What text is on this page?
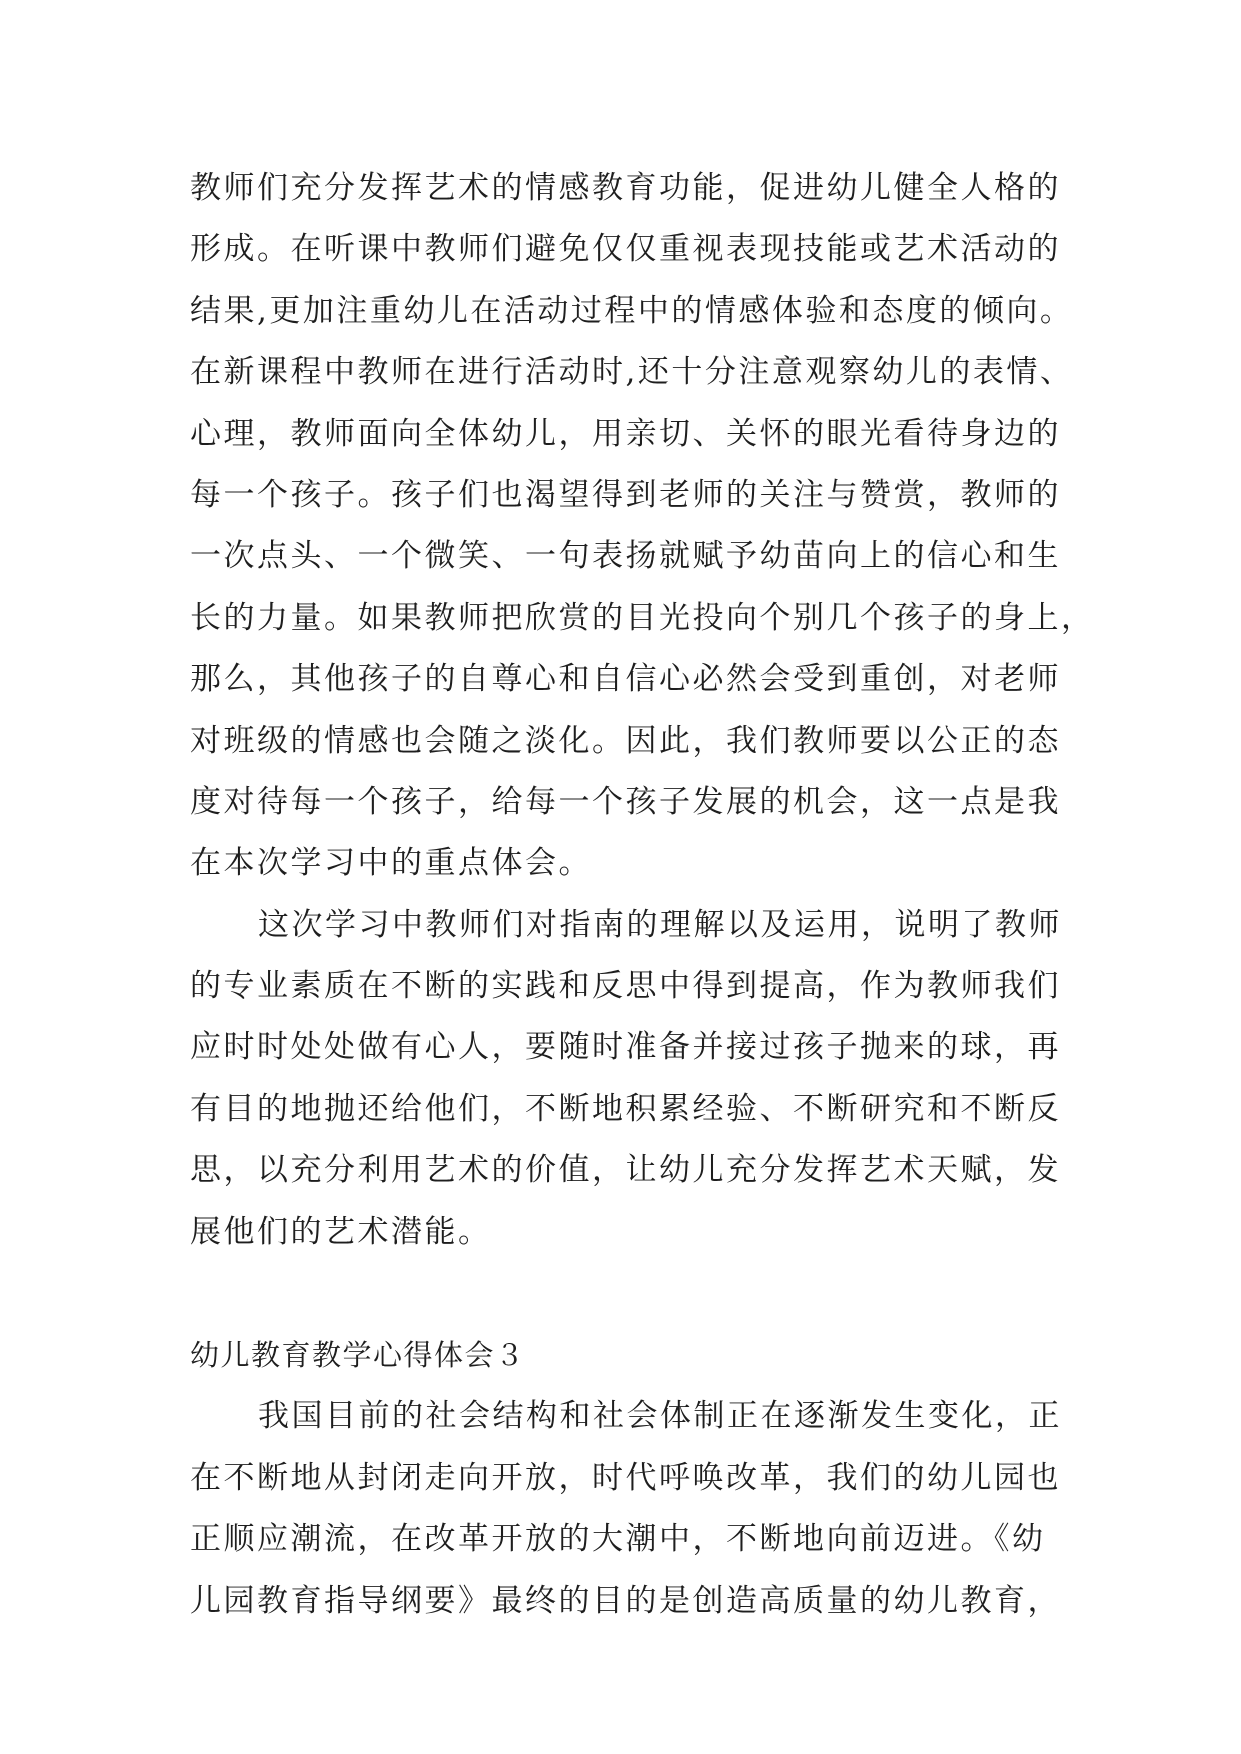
教师们充分发挥艺术的情感教育功能，促进幼儿健全人格的
形成。在听课中教师们避免仅仅重视表现技能或艺术活动的
结果,更加注重幼儿在活动过程中的情感体验和态度的倾向。
在新课程中教师在进行活动时,还十分注意观察幼儿的表情、
心理，教师面向全体幼儿，用亲切、关怀的眼光看待身边的
每一个孩子。孩子们也渴望得到老师的关注与赞赏，教师的
一次点头、一个微笑、一句表扬就赋予幼苗向上的信心和生
长的力量。如果教师把欣赏的目光投向个别几个孩子的身上，
那么，其他孩子的自尊心和自信心必然会受到重创，对老师
对班级的情感也会随之淡化。因此，我们教师要以公正的态
度对待每一个孩子，给每一个孩子发展的机会，这一点是我
在本次学习中的重点体会。
这次学习中教师们对指南的理解以及运用，说明了教师
的专业素质在不断的实践和反思中得到提高，作为教师我们
应时时处处做有心人，要随时准备并接过孩子抛来的球，再
有目的地抛还给他们，不断地积累经验、不断研究和不断反
思，以充分利用艺术的价值，让幼儿充分发挥艺术天赋，发
展他们的艺术潜能。
幼儿教育教学心得体会３
我国目前的社会结构和社会体制正在逐渐发生变化，正
在不断地从封闭走向开放，时代呼唤改革，我们的幼儿园也
正顺应潮流，在改革开放的大潮中，不断地向前迈进。《幼
儿园教育指导纲要》最终的目的是创造高质量的幼儿教育，
